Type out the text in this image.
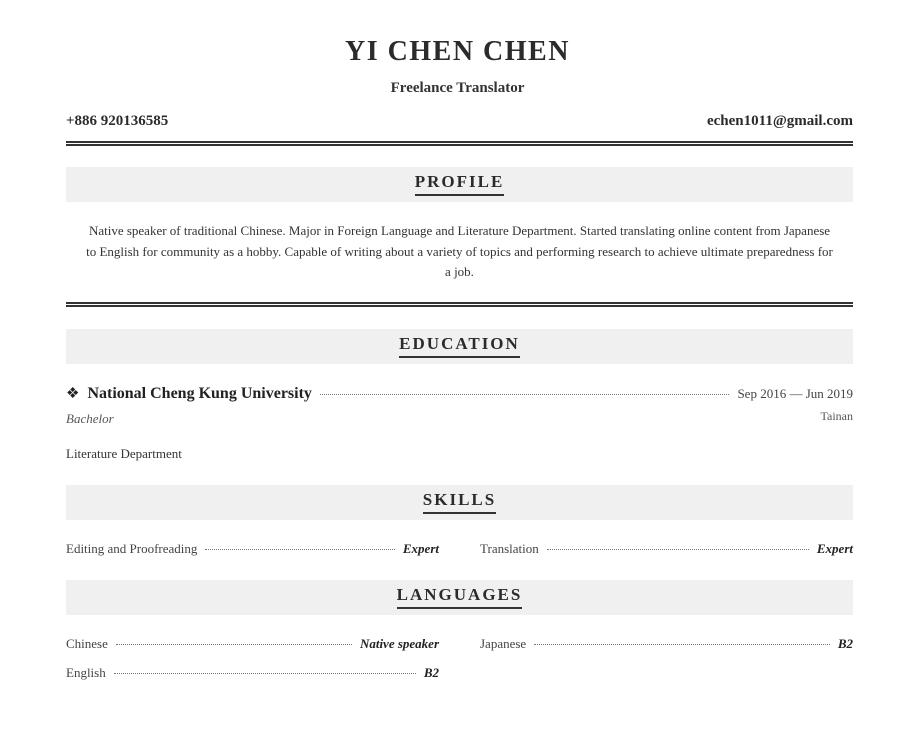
YI CHEN CHEN
Freelance Translator
+886 920136585	echen1011@gmail.com
PROFILE
Native speaker of traditional Chinese. Major in Foreign Language and Literature Department. Started translating online content from Japanese to English for community as a hobby. Capable of writing about a variety of topics and performing research to achieve ultimate preparedness for a job.
EDUCATION
❖ National Cheng Kung University	Sep 2016 — Jun 2019
Bachelor	Tainan
Literature Department
SKILLS
Editing and Proofreading	Expert	Translation	Expert
LANGUAGES
Chinese	Native speaker	Japanese	B2
English	B2
